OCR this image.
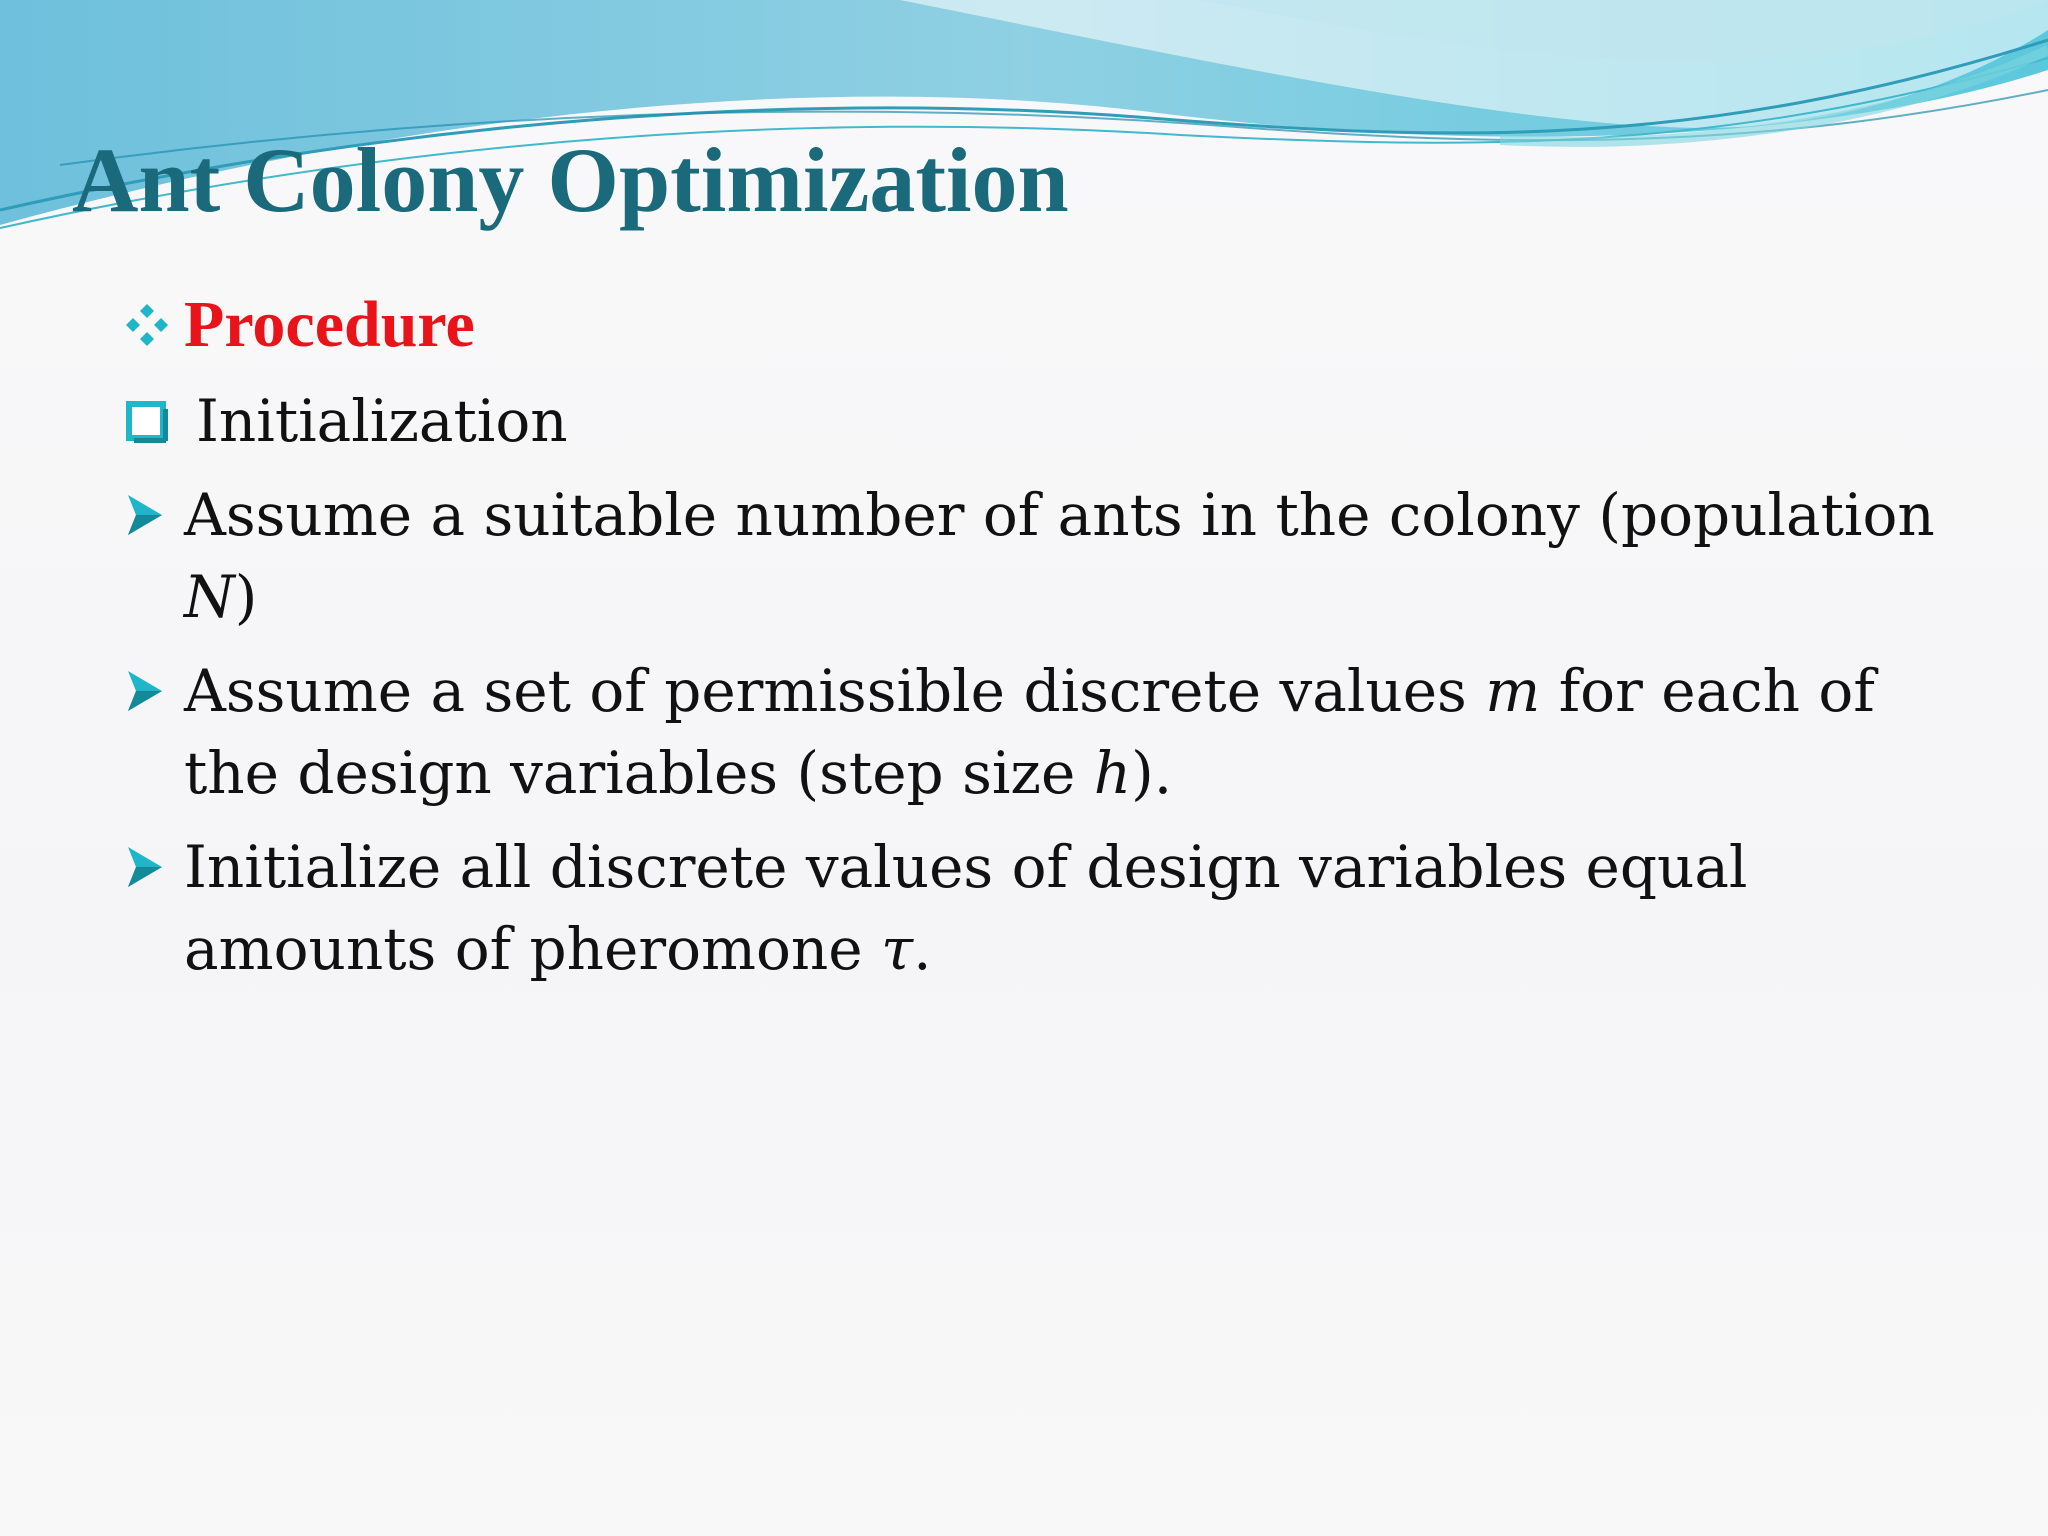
Ant Colony Optimization
Procedure
Initialization
Assume a suitable number of ants in the colony (population N)
Assume a set of permissible discrete values m for each of the design variables (step size h).
Initialize all discrete values of design variables equal amounts of pheromone τ.
